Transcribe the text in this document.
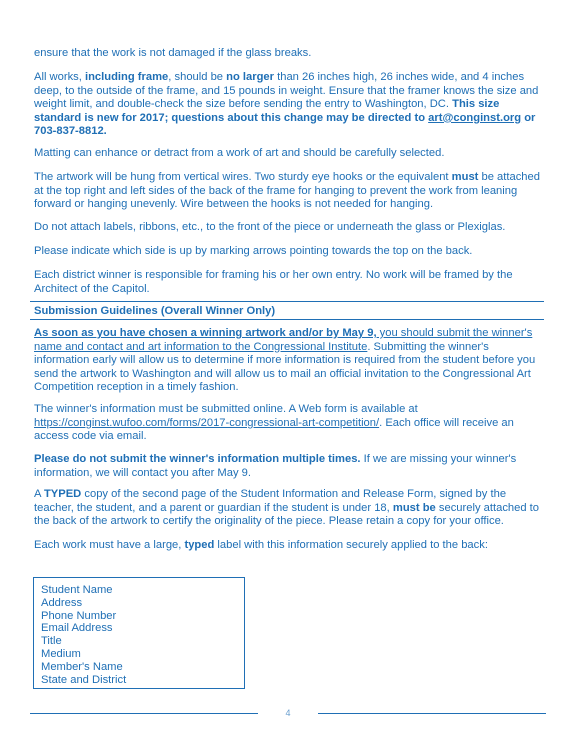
ensure that the work is not damaged if the glass breaks.

All works, including frame, should be no larger than 26 inches high, 26 inches wide, and 4 inches deep, to the outside of the frame, and 15 pounds in weight. Ensure that the framer knows the size and weight limit, and double-check the size before sending the entry to Washington, DC. This size standard is new for 2017; questions about this change may be directed to art@conginst.org or 703-837-8812.

Matting can enhance or detract from a work of art and should be carefully selected.

The artwork will be hung from vertical wires. Two sturdy eye hooks or the equivalent must be attached at the top right and left sides of the back of the frame for hanging to prevent the work from leaning forward or hanging unevenly. Wire between the hooks is not needed for hanging.

Do not attach labels, ribbons, etc., to the front of the piece or underneath the glass or Plexiglas.

Please indicate which side is up by marking arrows pointing towards the top on the back.

Each district winner is responsible for framing his or her own entry. No work will be framed by the Architect of the Capitol.

As soon as you have chosen a winning artwork and/or by May 9, you should submit the winner's name and contact and art information to the Congressional Institute. Submitting the winner's information early will allow us to determine if more information is required from the student before you send the artwork to Washington and will allow us to mail an official invitation to the Congressional Art Competition reception in a timely fashion.

The winner's information must be submitted online. A Web form is available at https://conginst.wufoo.com/forms/2017-congressional-art-competition/. Each office will receive an access code via email.

Please do not submit the winner's information multiple times. If we are missing your winner's information, we will contact you after May 9.

A TYPED copy of the second page of the Student Information and Release Form, signed by the teacher, the student, and a parent or guardian if the student is under 18, must be securely attached to the back of the artwork to certify the originality of the piece. Please retain a copy for your office.

Each work must have a large, typed label with this information securely applied to the back:

Submission Guidelines (Overall Winner Only)
Student Name
Address
Phone Number
Email Address
Title
Medium
Member's Name
State and District
4
